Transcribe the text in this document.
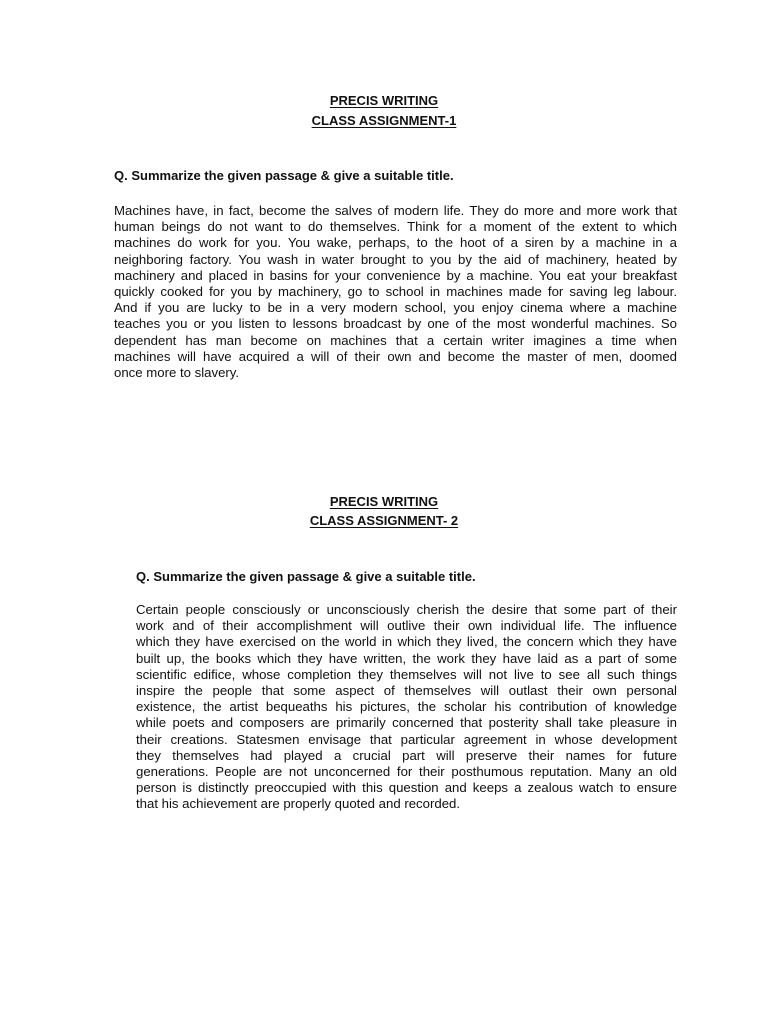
PRECIS WRITING
CLASS ASSIGNMENT-1
Q. Summarize the given passage & give a suitable title.
Machines have, in fact, become the salves of modern life. They do more and more work that
human beings do not want to do themselves. Think for a moment of the extent to which
machines do work for you. You wake, perhaps, to the hoot of a siren by a machine in a
neighboring factory. You wash in water brought to you by the aid of machinery, heated by
machinery and placed in basins for your convenience by a machine. You eat your breakfast
quickly cooked for you by machinery, go to school in machines made for saving leg labour.
And if you are lucky to be in a very modern school, you enjoy cinema where a machine
teaches you or you listen to lessons broadcast by one of the most wonderful machines. So
dependent has man become on machines that a certain writer imagines a time when
machines will have acquired a will of their own and become the master of men, doomed
once more to slavery.
PRECIS WRITING
CLASS ASSIGNMENT- 2
Q. Summarize the given passage & give a suitable title.
Certain people consciously or unconsciously cherish the desire that some part of their
work and of their accomplishment will outlive their own individual life. The influence
which they have exercised on the world in which they lived, the concern which they have
built up, the books which they have written, the work they have laid as a part of some
scientific edifice, whose completion they themselves will not live to see all such things
inspire the people that some aspect of themselves will outlast their own personal
existence, the artist bequeaths his pictures, the scholar his contribution of knowledge
while poets and composers are primarily concerned that posterity shall take pleasure in
their creations. Statesmen envisage that particular agreement in whose development
they themselves had played a crucial part will preserve their names for future
generations. People are not unconcerned for their posthumous reputation. Many an old
person is distinctly preoccupied with this question and keeps a zealous watch to ensure
that his achievement are properly quoted and recorded.
